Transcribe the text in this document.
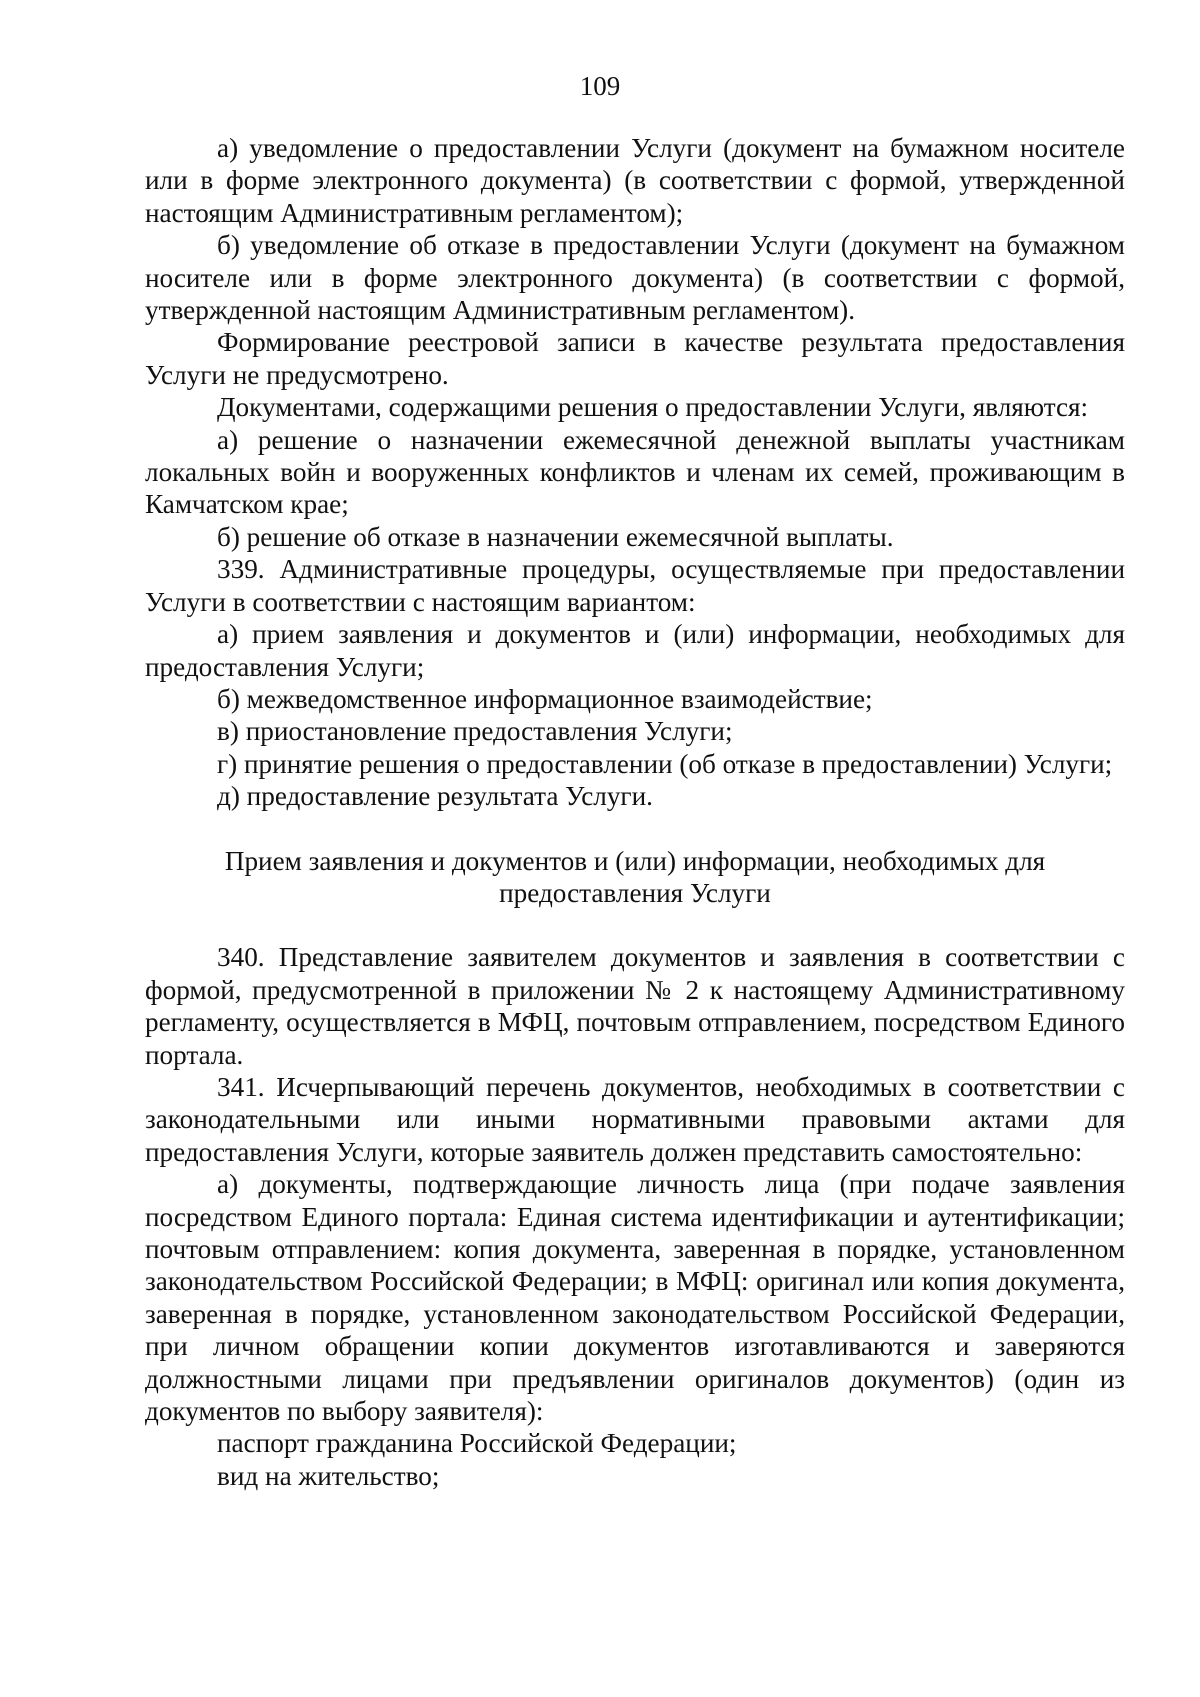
109

а) уведомление о предоставлении Услуги (документ на бумажном носителе или в форме электронного документа) (в соответствии с формой, утвержденной настоящим Административным регламентом);

б) уведомление об отказе в предоставлении Услуги (документ на бумажном носителе или в форме электронного документа) (в соответствии с формой, утвержденной настоящим Административным регламентом).

Формирование реестровой записи в качестве результата предоставления Услуги не предусмотрено.

Документами, содержащими решения о предоставлении Услуги, являются:

а) решение о назначении ежемесячной денежной выплаты участникам локальных войн и вооруженных конфликтов и членам их семей, проживающим в Камчатском крае;

б) решение об отказе в назначении ежемесячной выплаты.

339. Административные процедуры, осуществляемые при предоставлении Услуги в соответствии с настоящим вариантом:

а) прием заявления и документов и (или) информации, необходимых для предоставления Услуги;

б) межведомственное информационное взаимодействие;

в) приостановление предоставления Услуги;

г) принятие решения о предоставлении (об отказе в предоставлении) Услуги;

д) предоставление результата Услуги.

Прием заявления и документов и (или) информации, необходимых для предоставления Услуги

340. Представление заявителем документов и заявления в соответствии с формой, предусмотренной в приложении № 2 к настоящему Административному регламенту, осуществляется в МФЦ, почтовым отправлением, посредством Единого портала.

341. Исчерпывающий перечень документов, необходимых в соответствии с законодательными или иными нормативными правовыми актами для предоставления Услуги, которые заявитель должен представить самостоятельно:

а) документы, подтверждающие личность лица (при подаче заявления посредством Единого портала: Единая система идентификации и аутентификации; почтовым отправлением: копия документа, заверенная в порядке, установленном законодательством Российской Федерации; в МФЦ: оригинал или копия документа, заверенная в порядке, установленном законодательством Российской Федерации, при личном обращении копии документов изготавливаются и заверяются должностными лицами при предъявлении оригиналов документов) (один из документов по выбору заявителя):

паспорт гражданина Российской Федерации;

вид на жительство;
